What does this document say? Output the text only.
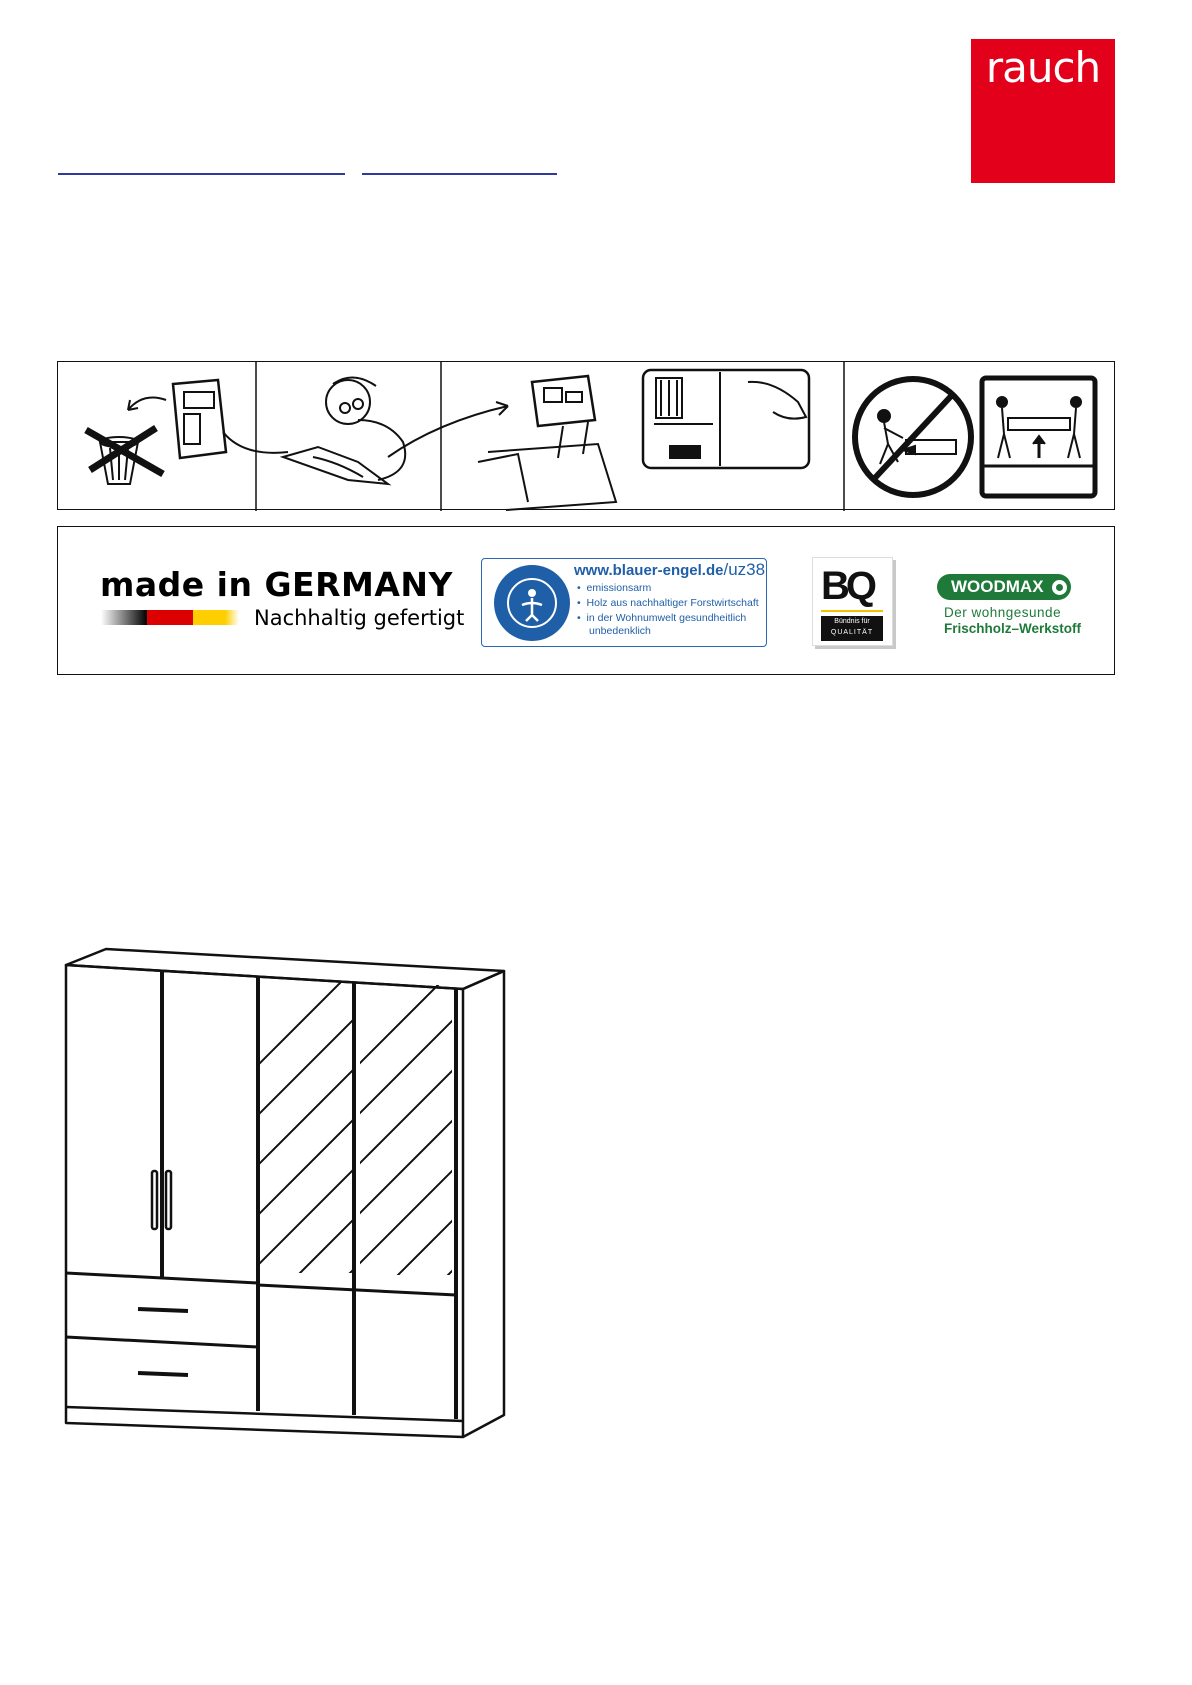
rauch
made in GERMANY
Nachhaltig gefertigt
www.blauer-engel.de/uz38
•  emissionsarm
•  Holz aus nachhaltiger Forstwirtschaft
•  in der Wohnumwelt gesundheitlich
unbedenklich
BQ
Bündnis für
QUALITÄT
WOODMAX
Der wohngesunde
Frischholz–Werkstoff
